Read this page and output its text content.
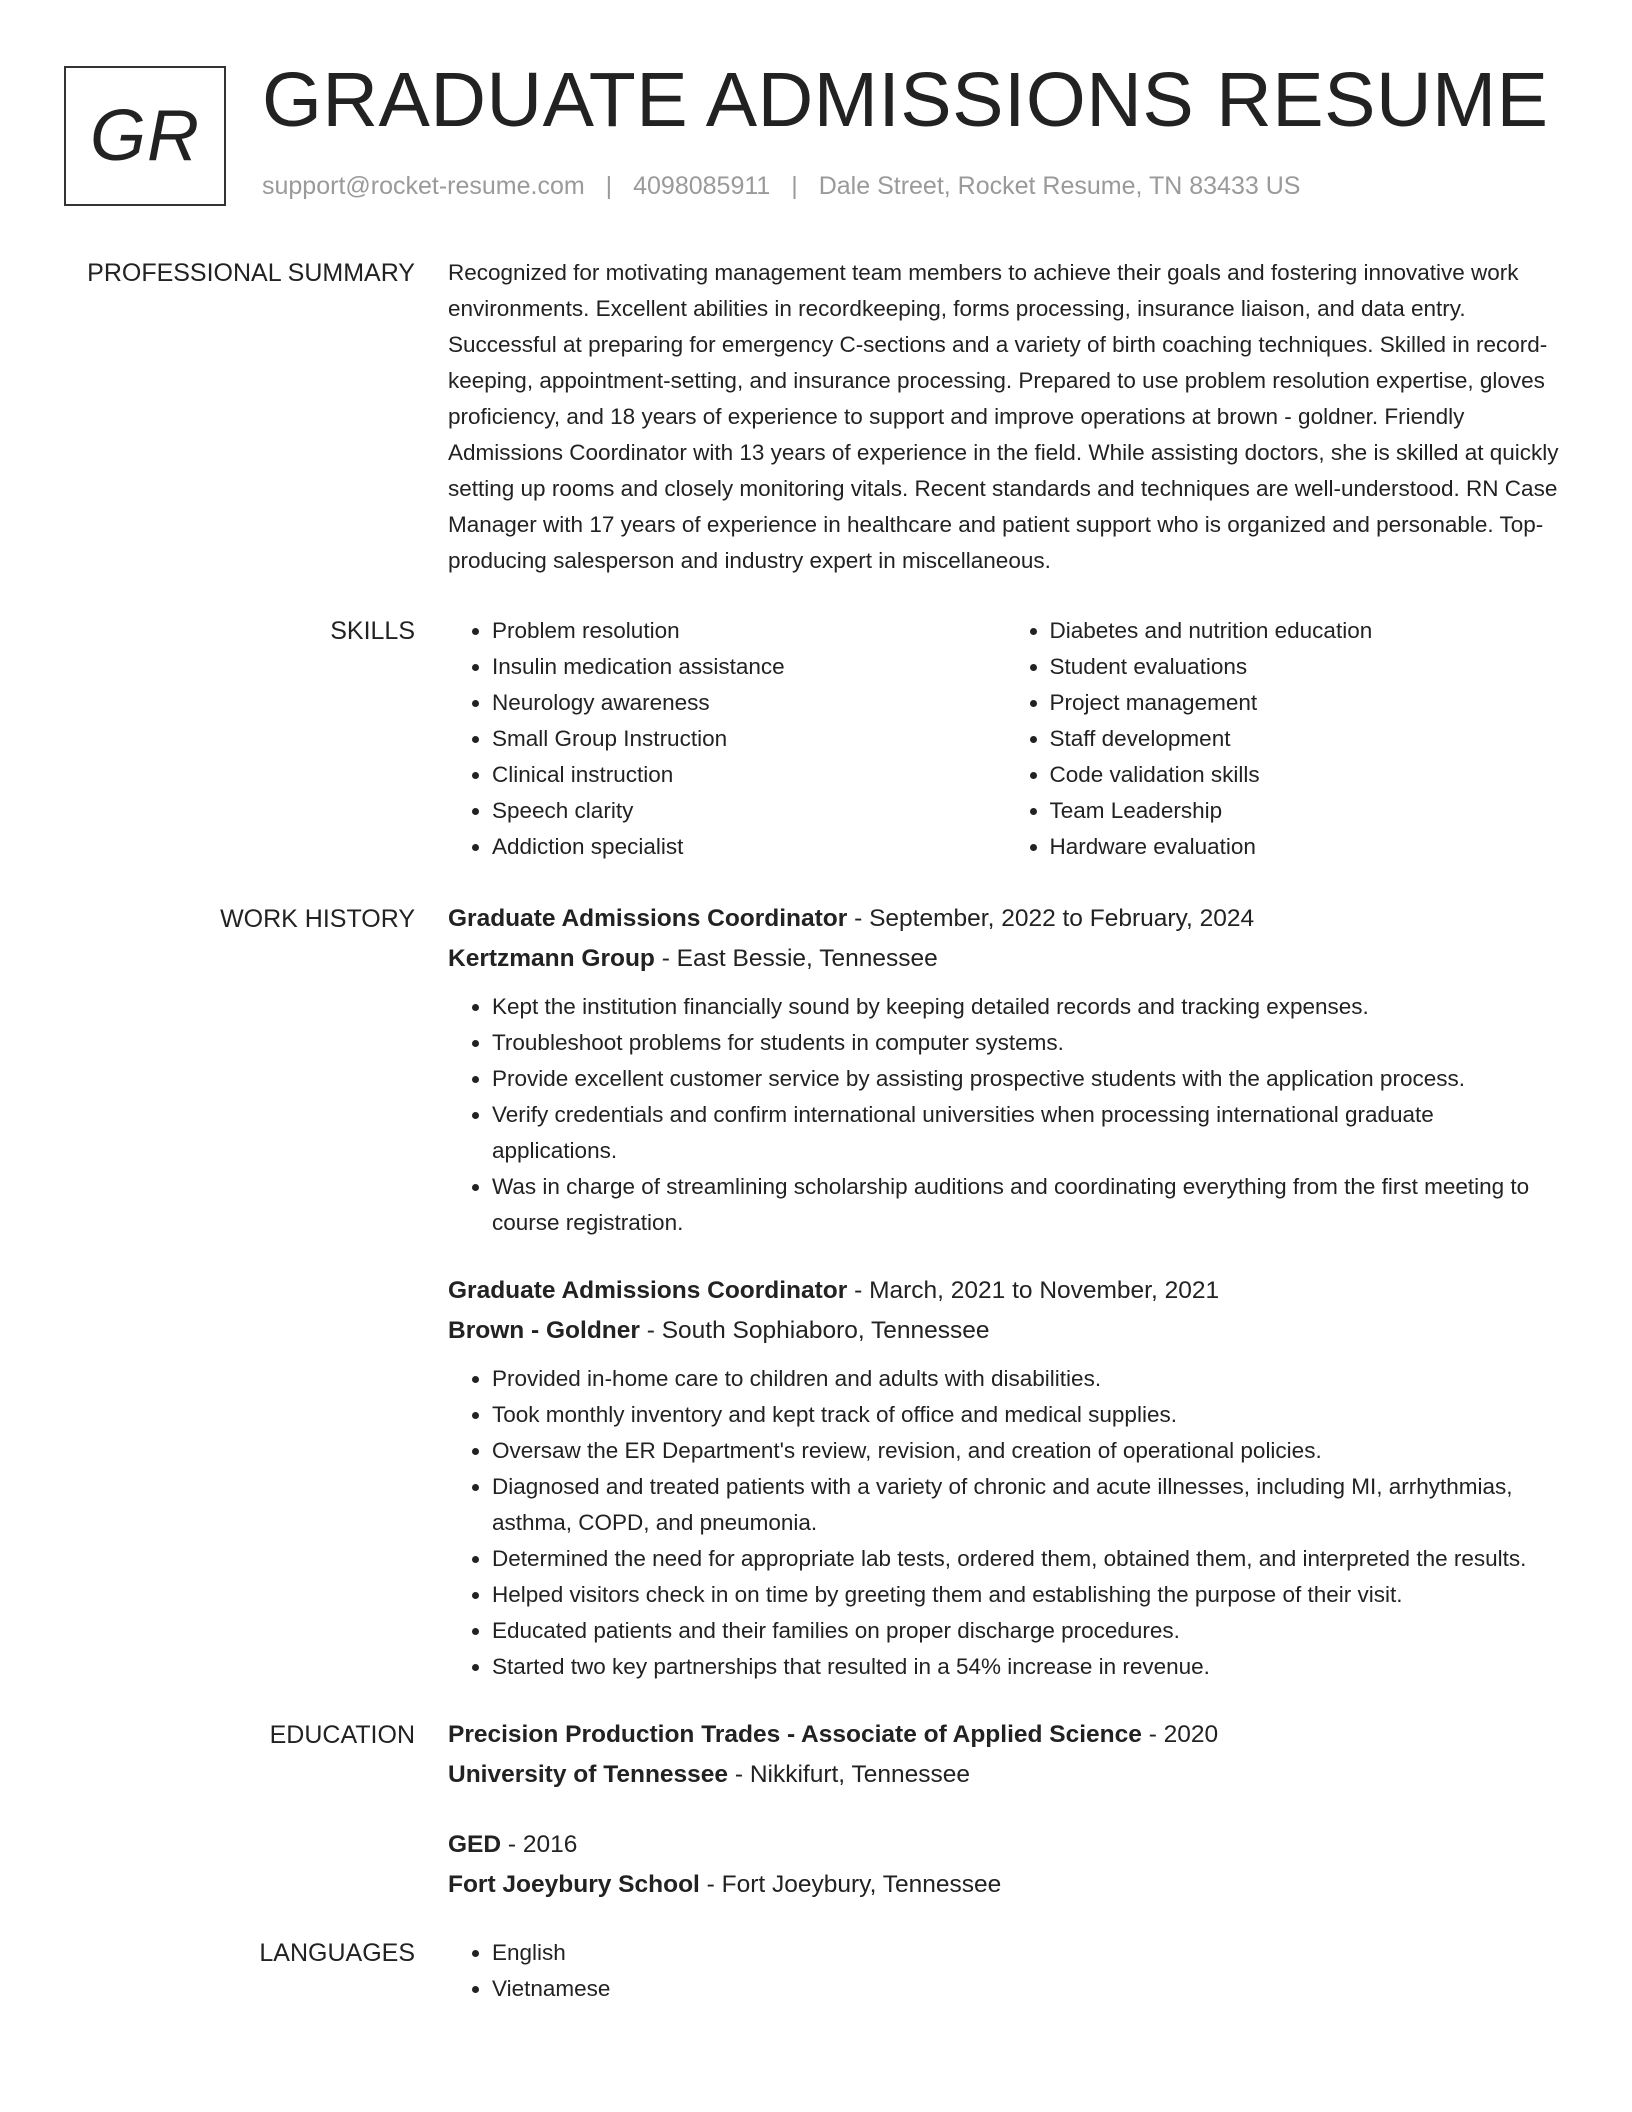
GR GRADUATE ADMISSIONS RESUME
support@rocket-resume.com | 4098085911 | Dale Street, Rocket Resume, TN 83433 US
PROFESSIONAL SUMMARY Recognized for motivating management team members to achieve their goals and fostering innovative work environments. Excellent abilities in recordkeeping, forms processing, insurance liaison, and data entry. Successful at preparing for emergency C-sections and a variety of birth coaching techniques. Skilled in record-keeping, appointment-setting, and insurance processing. Prepared to use problem resolution expertise, gloves proficiency, and 18 years of experience to support and improve operations at brown - goldner. Friendly Admissions Coordinator with 13 years of experience in the field. While assisting doctors, she is skilled at quickly setting up rooms and closely monitoring vitals. Recent standards and techniques are well-understood. RN Case Manager with 17 years of experience in healthcare and patient support who is organized and personable. Top-producing salesperson and industry expert in miscellaneous.

SKILLS	• Problem resolution
• Insulin medication assistance
• Neurology awareness
• Small Group Instruction
• Clinical instruction
• Speech clarity
• Addiction specialist
• Diabetes and nutrition education
• Student evaluations
• Project management
• Staff development
• Code validation skills
• Team Leadership
• Hardware evaluation
WORK HISTORY Graduate Admissions Coordinator - September, 2022 to February, 2024
Kertzmann Group - East Bessie, Tennessee
• Kept the institution financially sound by keeping detailed records and tracking expenses.
• Troubleshoot problems for students in computer systems.
• Provide excellent customer service by assisting prospective students with the application process.
• Verify credentials and confirm international universities when processing international graduate applications.
• Was in charge of streamlining scholarship auditions and coordinating everything from the first meeting to course registration.
Graduate Admissions Coordinator - March, 2021 to November, 2021
Brown - Goldner - South Sophiaboro, Tennessee
• Provided in-home care to children and adults with disabilities.
• Took monthly inventory and kept track of office and medical supplies.
• Oversaw the ER Department's review, revision, and creation of operational policies.
• Diagnosed and treated patients with a variety of chronic and acute illnesses, including MI, arrhythmias, asthma, COPD, and pneumonia.
• Determined the need for appropriate lab tests, ordered them, obtained them, and interpreted the results.
• Helped visitors check in on time by greeting them and establishing the purpose of their visit.
• Educated patients and their families on proper discharge procedures.
• Started two key partnerships that resulted in a 54% increase in revenue.
EDUCATION Precision Production Trades - Associate of Applied Science - 2020
University of Tennessee - Nikkifurt, Tennessee
GED - 2016
Fort Joeybury School - Fort Joeybury, Tennessee
LANGUAGES	• English
• Vietnamese
